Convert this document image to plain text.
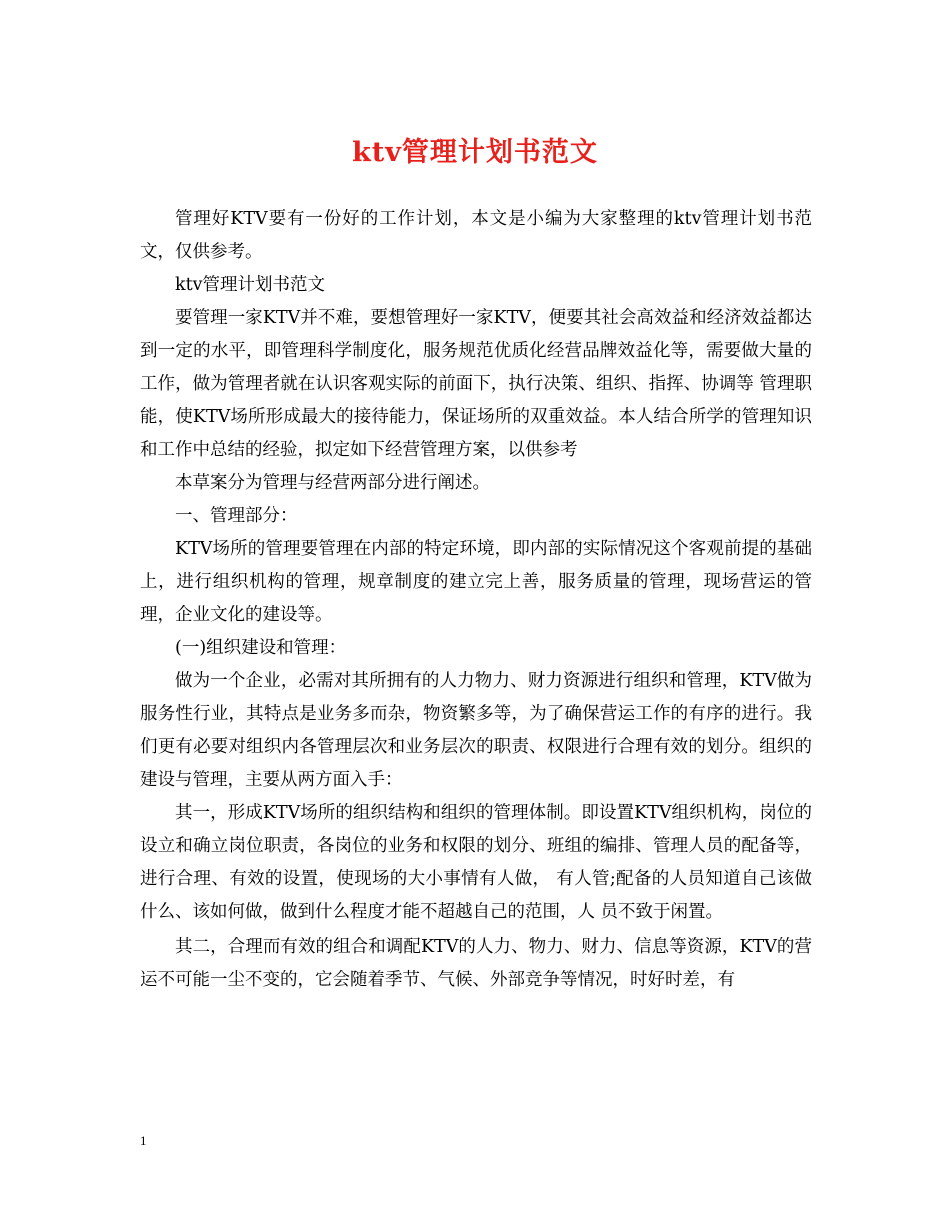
ktv管理计划书范文

管理好KTV要有一份好的工作计划，本文是小编为大家整理的ktv管理计划书范文，仅供参考。

ktv管理计划书范文

要管理一家KTV并不难，要想管理好一家KTV，便要其社会高效益和经济效益都达到一定的水平，即管理科学制度化，服务规范优质化经营品牌效益化等，需要做大量的工作，做为管理者就在认识客观实际的前面下，执行决策、组织、指挥、协调等 管理职能，使KTV场所形成最大的接待能力，保证场所的双重效益。本人结合所学的管理知识和工作中总结的经验，拟定如下经营管理方案，以供参考

本草案分为管理与经营两部分进行阐述。

一、管理部分：

KTV场所的管理要管理在内部的特定环境，即内部的实际情况这个客观前提的基础上，进行组织机构的管理，规章制度的建立完上善，服务质量的管理，现场营运的管理，企业文化的建设等。

(一)组织建设和管理：

做为一个企业，必需对其所拥有的人力物力、财力资源进行组织和管理，KTV做为服务性行业，其特点是业务多而杂，物资繁多等，为了确保营运工作的有序的进行。我们更有必要对组织内各管理层次和业务层次的职责、权限进行合理有效的划分。组织的建设与管理，主要从两方面入手：

其一，形成KTV场所的组织结构和组织的管理体制。即设置KTV组织机构，岗位的设立和确立岗位职责，各岗位的业务和权限的划分、班组的编排、管理人员的配备等，进行合理、有效的设置，使现场的大小事情有人做， 有人管;配备的人员知道自己该做什么、该如何做，做到什么程度才能不超越自己的范围，人 员不致于闲置。

其二，合理而有效的组合和调配KTV的人力、物力、财力、信息等资源，KTV的营运不可能一尘不变的，它会随着季节、气候、外部竞争等情况，时好时差，有

1
